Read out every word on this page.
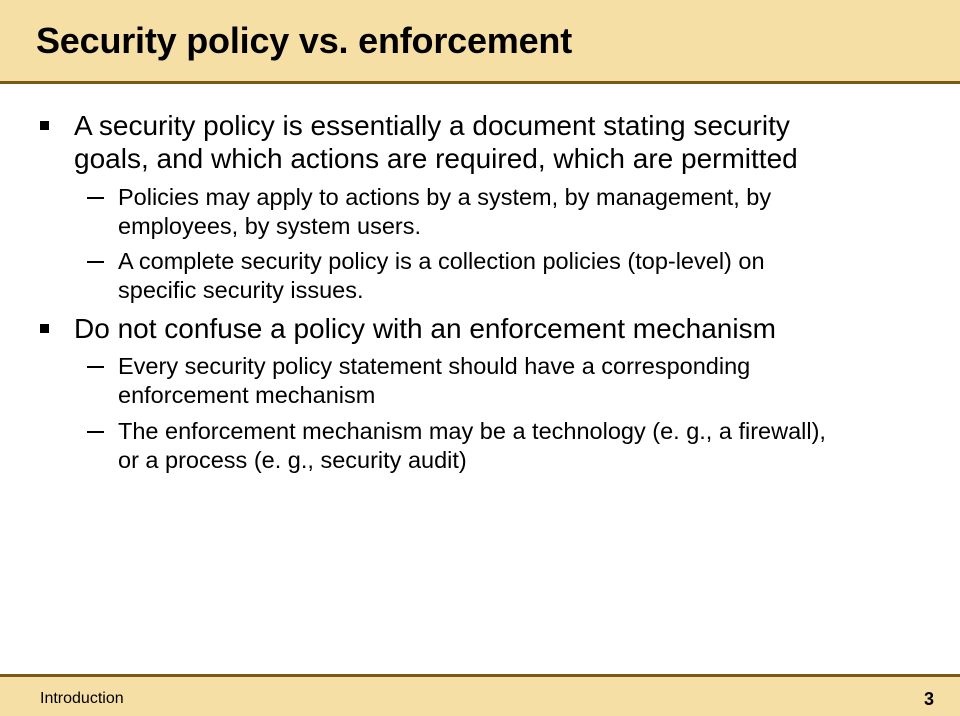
Security policy vs. enforcement
A security policy is essentially a document stating security
goals, and which actions are required, which are permitted
Policies may apply to actions by a system, by management, by
employees, by system users.
A complete security policy is a collection policies (top-level) on
specific security issues.
Do not confuse a policy with an enforcement mechanism
Every security policy statement should have a corresponding
enforcement mechanism
The enforcement mechanism may be a technology (e. g., a firewall),
or a process (e. g., security audit)
Introduction	3
